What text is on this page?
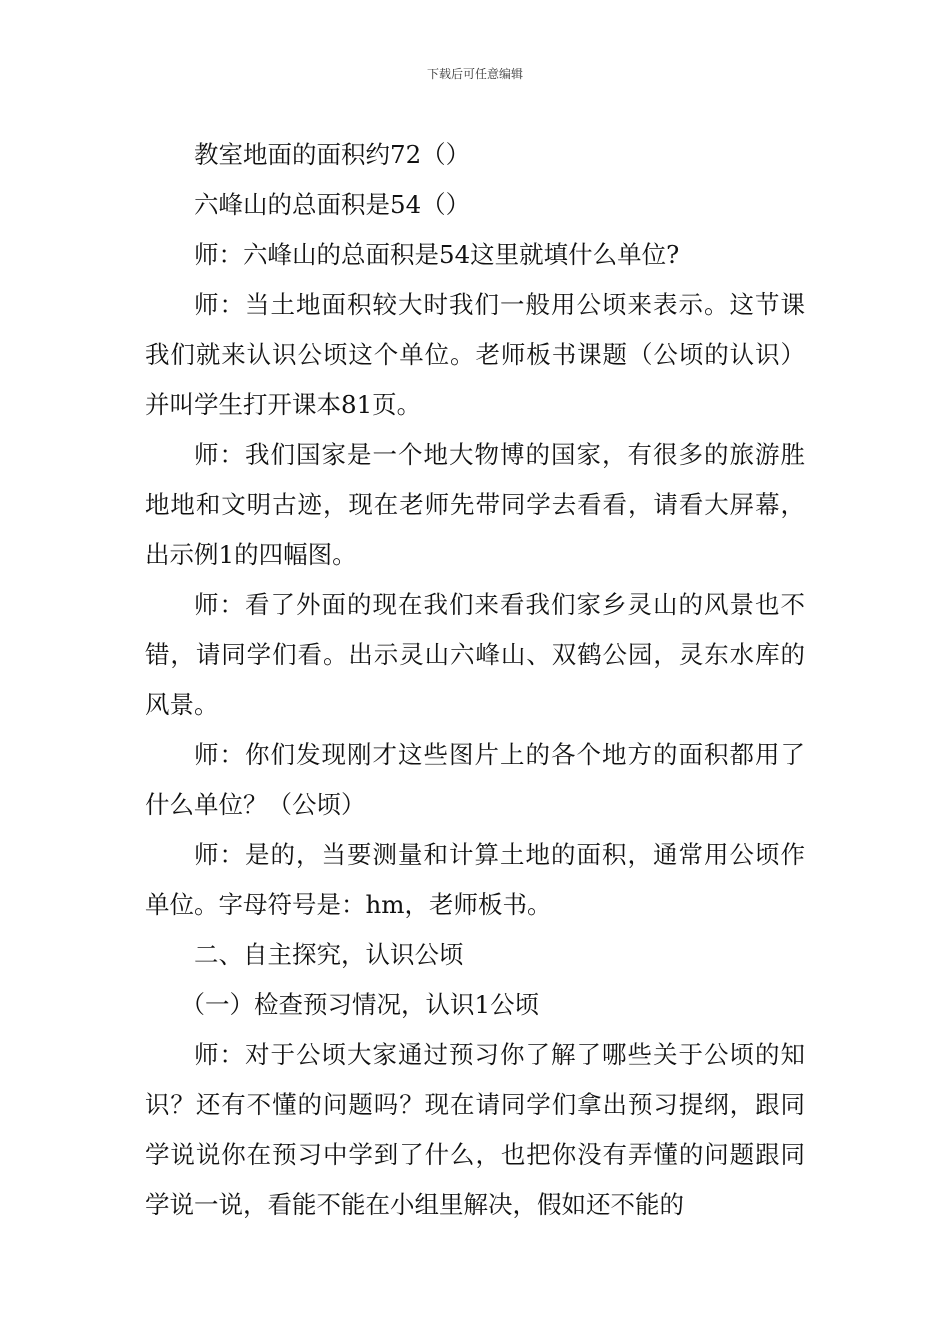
下载后可任意编辑

教室地面的面积约72（）

六峰山的总面积是54（）

师：六峰山的总面积是54这里就填什么单位?

师：当土地面积较大时我们一般用公顷来表示。这节课我们就来认识公顷这个单位。老师板书课题（公顷的认识）并叫学生打开课本81页。

师：我们国家是一个地大物博的国家，有很多的旅游胜地地和文明古迹，现在老师先带同学去看看，请看大屏幕，出示例1的四幅图。

师：看了外面的现在我们来看我们家乡灵山的风景也不错，请同学们看。出示灵山六峰山、双鹤公园，灵东水库的风景。

师：你们发现刚才这些图片上的各个地方的面积都用了什么单位？（公顷）

师：是的，当要测量和计算土地的面积，通常用公顷作单位。字母符号是：hm，老师板书。

二、自主探究，认识公顷

（一）检查预习情况，认识1公顷

师：对于公顷大家通过预习你了解了哪些关于公顷的知识？还有不懂的问题吗？现在请同学们拿出预习提纲，跟同学说说你在预习中学到了什么，也把你没有弄懂的问题跟同学说一说，看能不能在小组里解决，假如还不能的
